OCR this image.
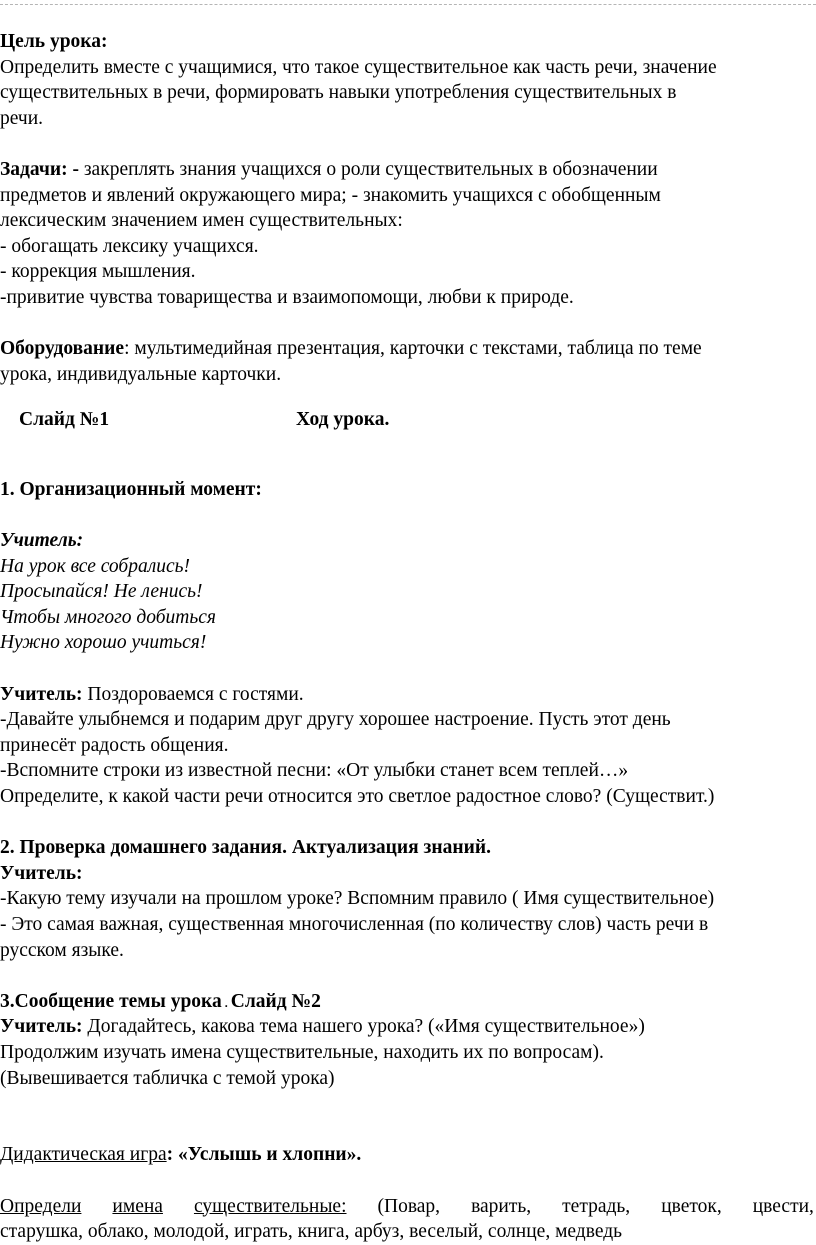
Цель урока:
Определить вместе с учащимися, что такое существительное как часть речи, значение
существительных в речи, формировать навыки употребления существительных в
речи.
Задачи: - закреплять знания учащихся о роли существительных в обозначении
предметов и явлений окружающего мира; - знакомить учащихся с обобщенным
лексическим значением имен существительных:
- обогащать лексику учащихся.
- коррекция мышления.
-привитие чувства товарищества и взаимопомощи, любви к природе.
Оборудование: мультимедийная презентация, карточки с текстами, таблица по теме
урока, индивидуальные карточки.
Слайд №1	Ход урока.
1. Организационный момент:
Учитель:
На урок все собрались!
Просыпайся! Не ленись!
Чтобы многого добиться
Нужно хорошо учиться!
Учитель: Поздороваемся с гостями.
-Давайте улыбнемся и подарим друг другу хорошее настроение. Пусть этот день
принесёт радость общения.
-Вспомните строки из известной песни: «От улыбки станет всем теплей…»
Определите, к какой части речи относится это светлое радостное слово? (Существит.)
2. Проверка домашнего задания. Актуализация знаний.
Учитель:
-Какую тему изучали на прошлом уроке? Вспомним правило ( Имя существительное)
- Это самая важная, существенная многочисленная (по количеству слов) часть речи в
русском языке.
3.Сообщение темы урока . Слайд №2
Учитель: Догадайтесь, какова тема нашего урока? («Имя существительное»)
Продолжим изучать имена существительные, находить их по вопросам).
(Вывешивается табличка с темой урока)
Дидактическая игра: «Услышь и хлопни».
Определи имена существительные: (Повар, варить, тетрадь, цветок, цвести,
старушка, облако, молодой, играть, книга, арбуз, веселый, солнце, медведь
